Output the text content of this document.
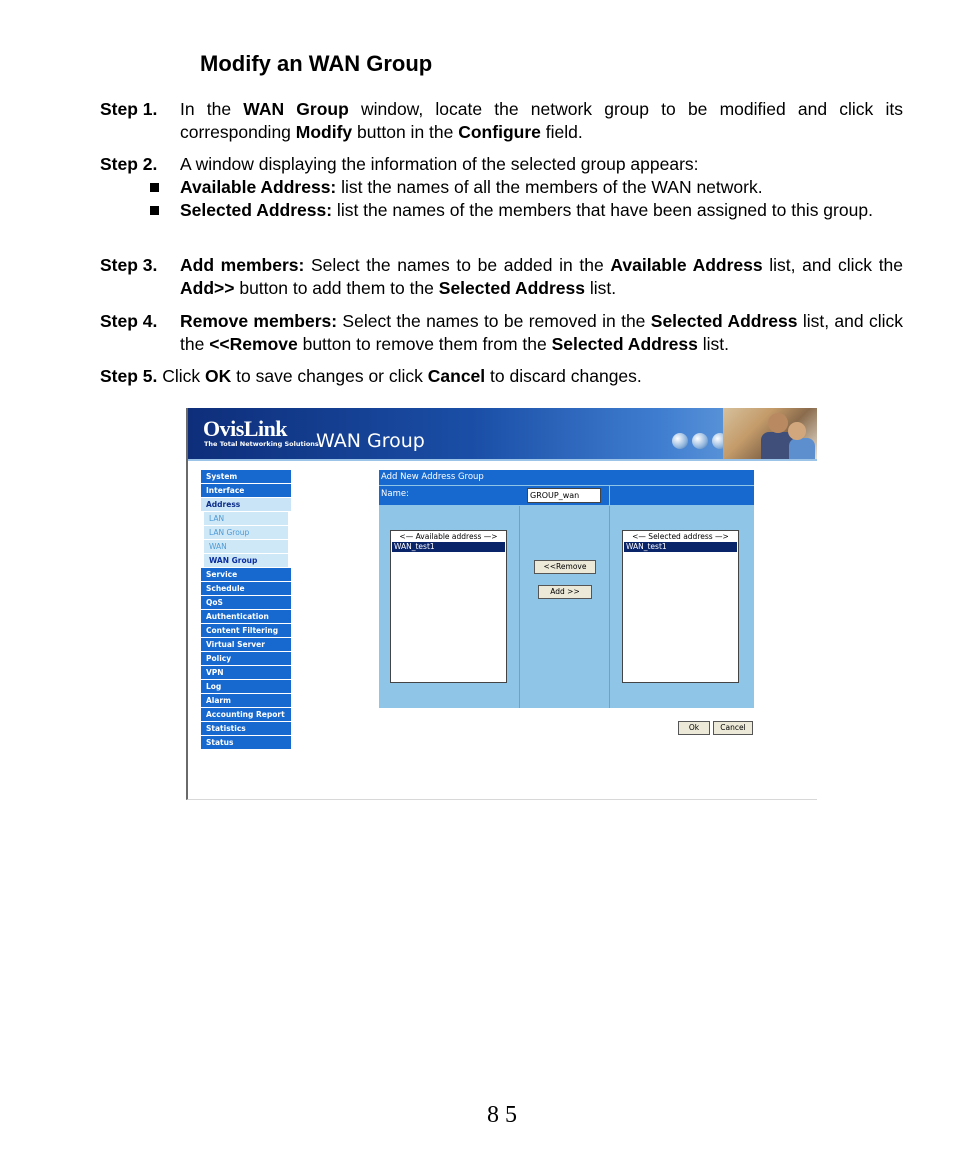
Modify an WAN Group
Step 1. In the WAN Group window, locate the network group to be modified and click its corresponding Modify button in the Configure field.
Step 2. A window displaying the information of the selected group appears:
Available Address: list the names of all the members of the WAN network.
Selected Address: list the names of the members that have been assigned to this group.
Step 3. Add members: Select the names to be added in the Available Address list, and click the Add>> button to add them to the Selected Address list.
Step 4. Remove members: Select the names to be removed in the Selected Address list, and click the <<Remove button to remove them from the Selected Address list.
Step 5. Click OK to save changes or click Cancel to discard changes.
OvisLink
The Total Networking Solutions
WAN Group
System
Interface
Address
LAN
LAN Group
WAN
WAN Group
Service
Schedule
QoS
Authentication
Content Filtering
Virtual Server
Policy
VPN
Log
Alarm
Accounting Report
Statistics
Status
Add New Address Group
Name:	GROUP_wan
<— Available address —>
WAN_test1
<<Remove
Add >>
<— Selected address —>
WAN_test1
Ok	Cancel
8 5
